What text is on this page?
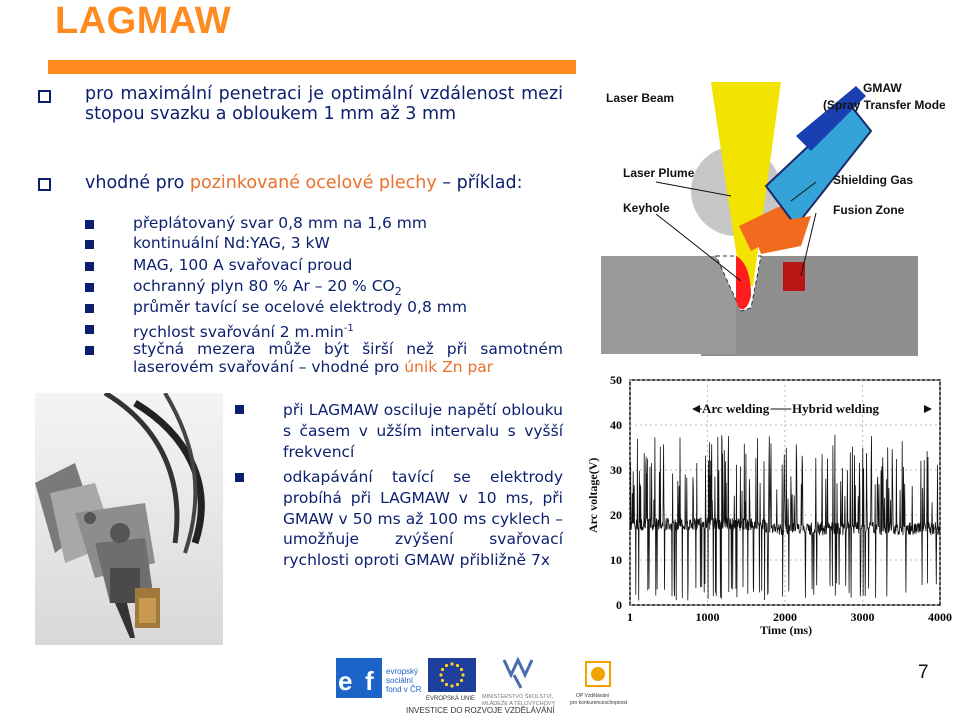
LAGMAW
pro maximální penetraci je optimální vzdálenost mezi stopou svazku a obloukem 1 mm až 3 mm
vhodné pro pozinkované ocelové plechy – příklad:
přeplátovaný svar 0,8 mm na 1,6 mm
kontinuální Nd:YAG, 3 kW
MAG, 100 A svařovací proud
ochranný plyn 80 % Ar – 20 % $CO_2$
průměr tavící se ocelové elektrody 0,8 mm
rychlost svařování 2 $m.\min^{-1}$
styčná mezera může být širší než při samotném laserovém svařování – vhodné pro únik Zn par
při LAGMAW osciluje napětí oblouku s časem v užším intervalu s vyšší frekvencí
odkapávání tavící se elektrody probíhá při LAGMAW v 10 ms, při GMAW v 50 ms až 100 ms cyklech – umožňuje zvýšení svařovací rychlosti oproti GMAW přibližně 7x
GMAW
(Spray Transfer Mode)
Laser Beam
Laser Plume
Keyhole
Shielding Gas
Fusion Zone
0
10
20
30
40
50
1	1000	2000	3000	4000
Arc welding Hybrid welding
Time (ms)
Arc voltage(V)
e f evropský
sociální
fond v ČR
EVROPSKÁ UNIE MINISTERSTVO ŠKOLSTVÍ,
MLÁDEŽE A TĚLOVÝCHOVY
OP Vzdělávání
pro konkurenceschopnost
INVESTICE DO ROZVOJE VZDĚLÁVÁNÍ
7
